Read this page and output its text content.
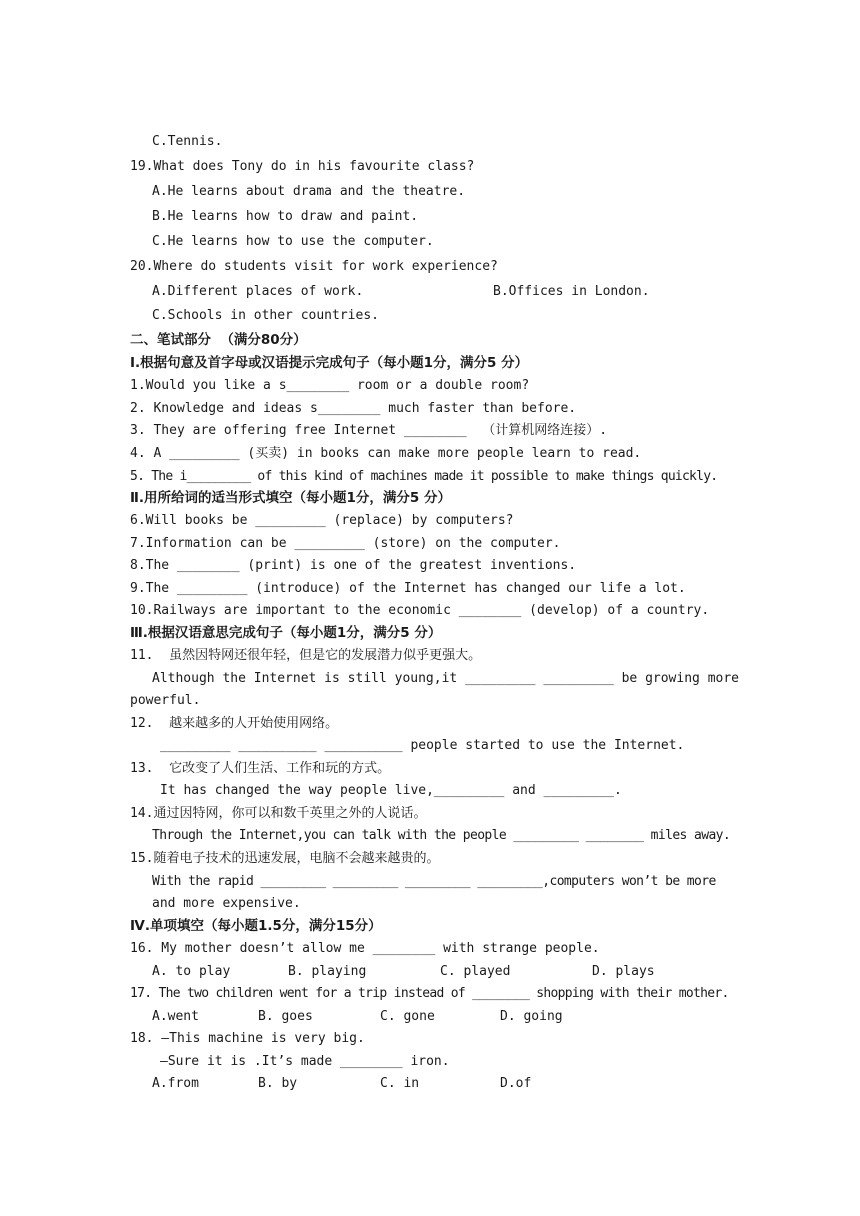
C.Tennis.
19.What does Tony do in his favourite class?
A.He learns about drama and the theatre.
B.He learns how to draw and paint.
C.He learns how to use the computer.
20.Where do students visit for work experience?
A.Different places of work.	B.Offices in London.
C.Schools in other countries.
二、笔试部分  （满分80分）
Ⅰ.根据句意及首字母或汉语提示完成句子（每小题1分，满分5 分）
1.Would you like a s________ room or a double room?
2. Knowledge and ideas s________ much faster than before.
3. They are offering free Internet ________  （计算机网络连接）.
4. A _________ (买卖) in books can make more people learn to read.
5. The i_________ of this kind of machines made it possible to make things quickly.
Ⅱ.用所给词的适当形式填空（每小题1分，满分5 分）
6.Will books be _________ (replace) by computers?
7.Information can be _________ (store) on the computer.
8.The ________ (print) is one of the greatest inventions.
9.The _________ (introduce) of the Internet has changed our life a lot.
10.Railways are important to the economic ________ (develop) of a country.
Ⅲ.根据汉语意思完成句子（每小题1分，满分5 分）
11.  虽然因特网还很年轻，但是它的发展潜力似乎更强大。
Although the Internet is still young,it _________ _________ be growing more
powerful.
12.  越来越多的人开始使用网络。
_________ __________ __________ people started to use the Internet.
13.  它改变了人们生活、工作和玩的方式。
It has changed the way people live,_________ and _________.
14.通过因特网，你可以和数千英里之外的人说话。
Through the Internet,you can talk with the people _________ ________ miles away.
15.随着电子技术的迅速发展，电脑不会越来越贵的。
With the rapid _________ _________ _________ _________,computers won’t be more
and more expensive.
Ⅳ.单项填空（每小题1.5分，满分15分）
16. My mother doesn’t allow me ________ with strange people.
A. to play	B. playing	C. played	D. plays
17. The two children went for a trip instead of ________ shopping with their mother.
A.went	B. goes	C. gone	D. going
18. —This machine is very big.
—Sure it is .It’s made ________ iron.
A.from	B. by	C. in	D.of
